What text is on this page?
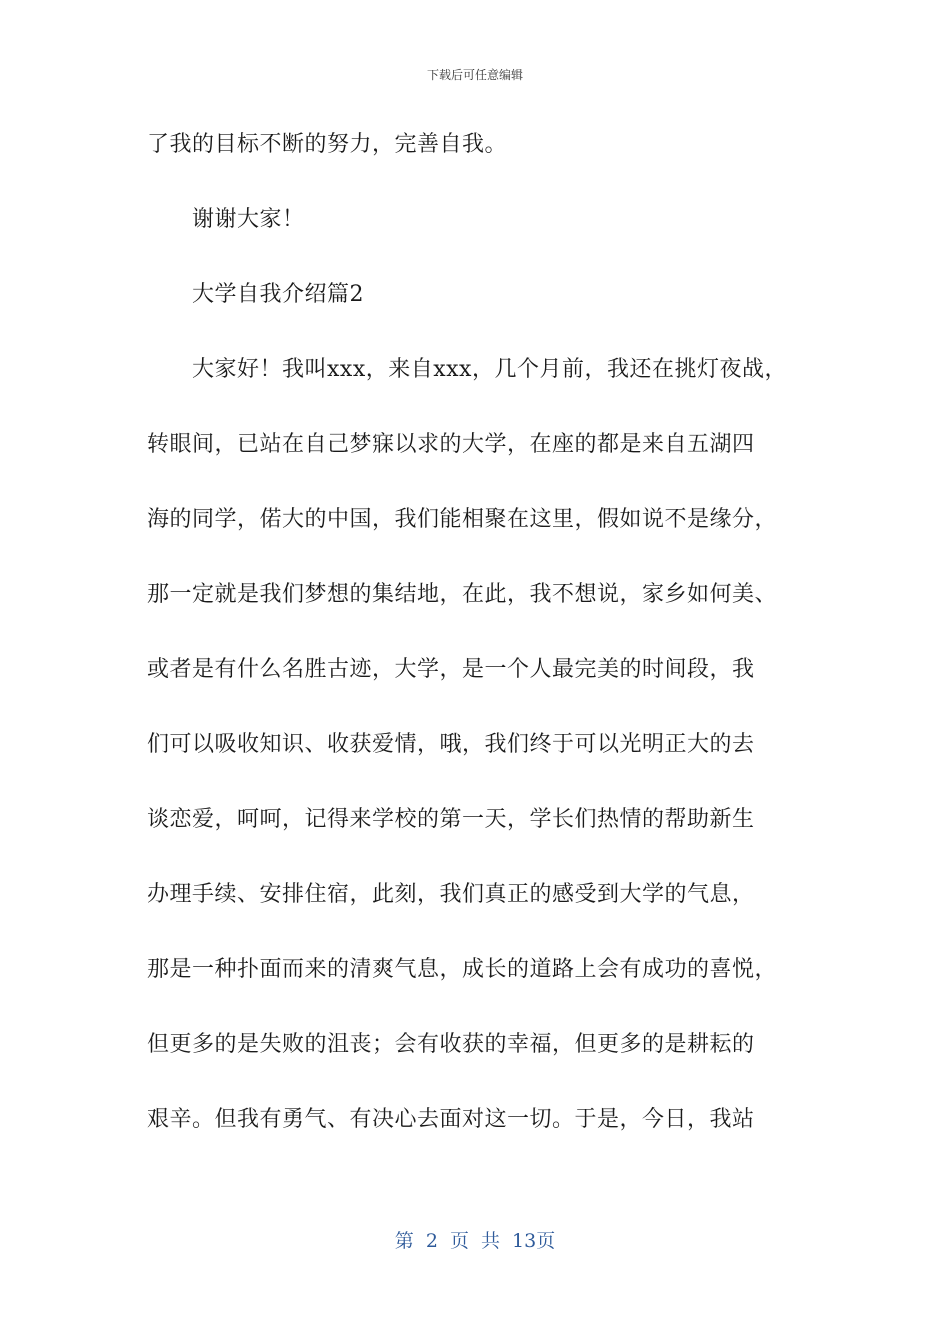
下载后可任意编辑
了我的目标不断的努力，完善自我。
谢谢大家！
大学自我介绍篇2
大家好！我叫xxx，来自xxx，几个月前，我还在挑灯夜战，
转眼间，已站在自己梦寐以求的大学，在座的都是来自五湖四
海的同学，偌大的中国，我们能相聚在这里，假如说不是缘分，
那一定就是我们梦想的集结地，在此，我不想说，家乡如何美、
或者是有什么名胜古迹，大学，是一个人最完美的时间段，我
们可以吸收知识、收获爱情，哦，我们终于可以光明正大的去
谈恋爱，呵呵，记得来学校的第一天，学长们热情的帮助新生
办理手续、安排住宿，此刻，我们真正的感受到大学的气息，
那是一种扑面而来的清爽气息，成长的道路上会有成功的喜悦，
但更多的是失败的沮丧；会有收获的幸福，但更多的是耕耘的
艰辛。但我有勇气、有决心去面对这一切。于是，今日，我站
第 2 页 共 13页
